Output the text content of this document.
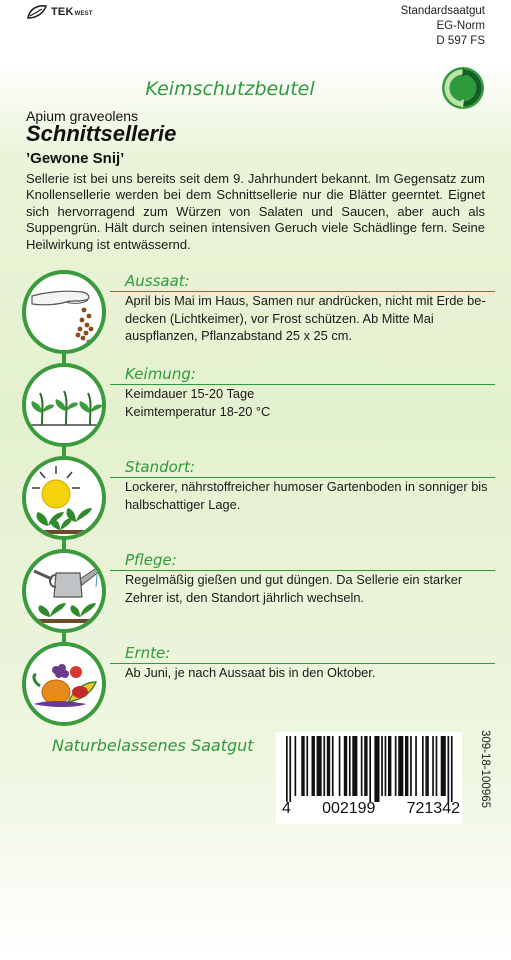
TEKWEST	Standardsaatgut
EG-Norm
D 597 FS
Keimschutzbeutel
Apium graveolens
Schnittsellerie
’Gewone Snij’
Sellerie ist bei uns bereits seit dem 9. Jahrhundert bekannt. Im Gegensatz zum Knollensellerie werden bei dem Schnittsellerie nur die Blätter geerntet. Eignet sich hervorragend zum Würzen von Salaten und Saucen, aber auch als Suppengrün. Hält durch seinen intensiven Geruch viele Schädlinge fern. Seine Heilwirkung ist entwässernd.
Aussaat:
April bis Mai im Haus, Samen nur andrücken, nicht mit Erde bedecken (Lichtkeimer), vor Frost schützen. Ab Mitte Mai auspflanzen, Pflanzabstand 25 x 25 cm.
Keimung:
Keimdauer 15-20 Tage
Keimtemperatur 18-20 °C
Standort:
Lockerer, nährstoffreicher humoser Gartenboden in sonniger bis halbschattiger Lage.
Pflege:
Regelmäßig gießen und gut düngen. Da Sellerie ein starker Zehrer ist, den Standort jährlich wechseln.
Ernte:
Ab Juni, je nach Aussaat bis in den Oktober.
Naturbelassenes Saatgut
4 002199 721342
309-18-100965
